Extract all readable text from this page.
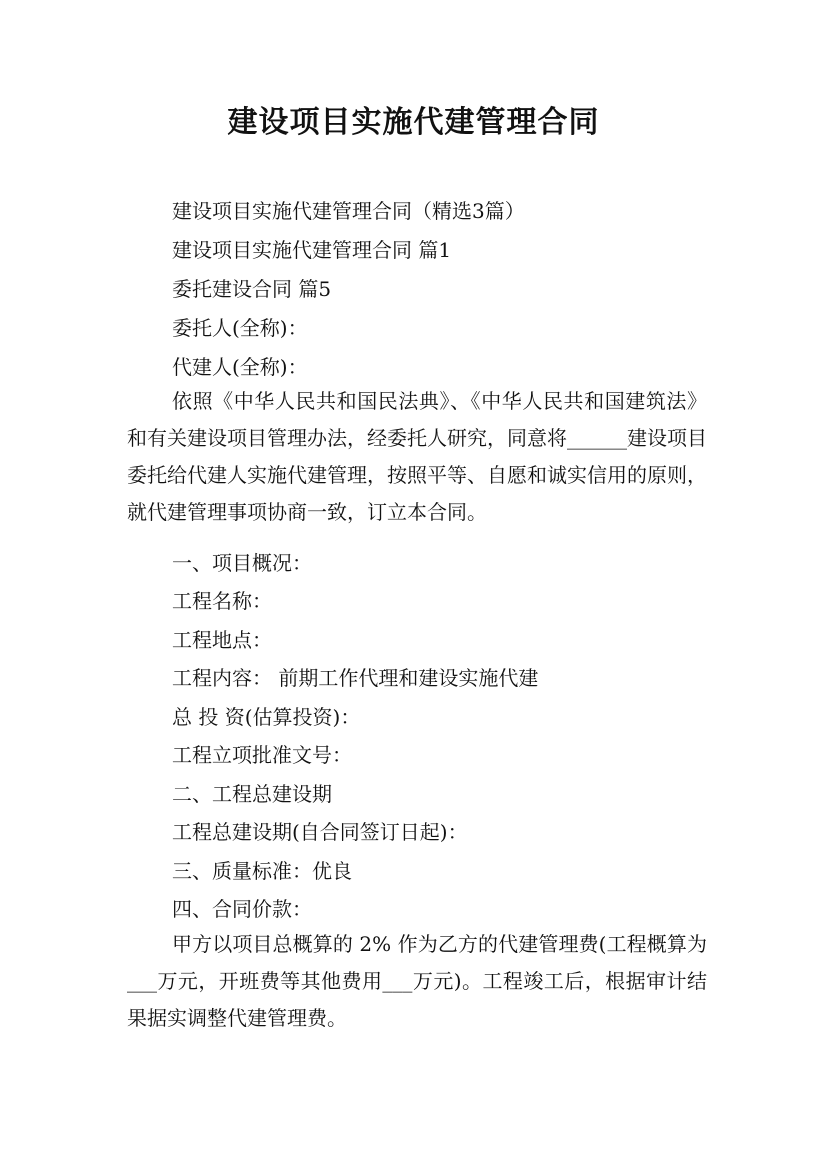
建设项目实施代建管理合同
建设项目实施代建管理合同（精选3篇）
建设项目实施代建管理合同 篇1
委托建设合同 篇5
委托人(全称)：
代建人(全称)：
依照《中华人民共和国民法典》、《中华人民共和国建筑法》和有关建设项目管理办法，经委托人研究，同意将______建设项目委托给代建人实施代建管理，按照平等、自愿和诚实信用的原则，就代建管理事项协商一致，订立本合同。
一、项目概况：
工程名称：
工程地点：
工程内容： 前期工作代理和建设实施代建
总 投 资(估算投资)：
工程立项批准文号：
二、工程总建设期
工程总建设期(自合同签订日起)：
三、质量标准：优良
四、合同价款：
甲方以项目总概算的 2% 作为乙方的代建管理费(工程概算为___万元，开班费等其他费用___万元)。工程竣工后，根据审计结果据实调整代建管理费。
